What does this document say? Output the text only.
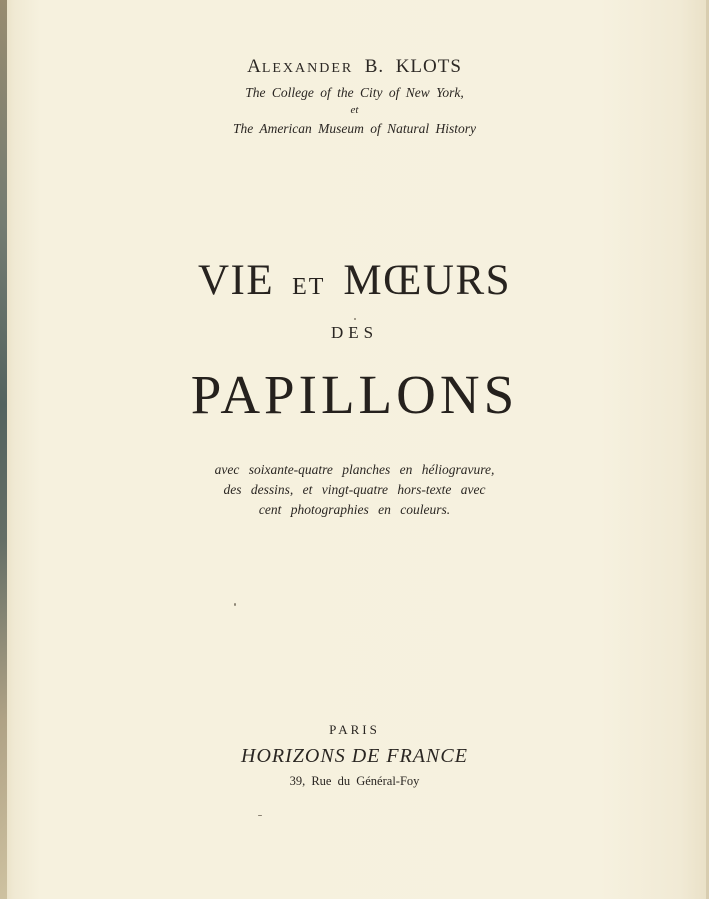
ALEXANDER B. KLOTS
The College of the City of New York,
et
The American Museum of Natural History
VIE ET MŒURS
DES
PAPILLONS
avec soixante-quatre planches en héliogravure,
des dessins, et vingt-quatre hors-texte avec
cent photographies en couleurs.
PARIS
HORIZONS DE FRANCE
39, Rue du Général-Foy
